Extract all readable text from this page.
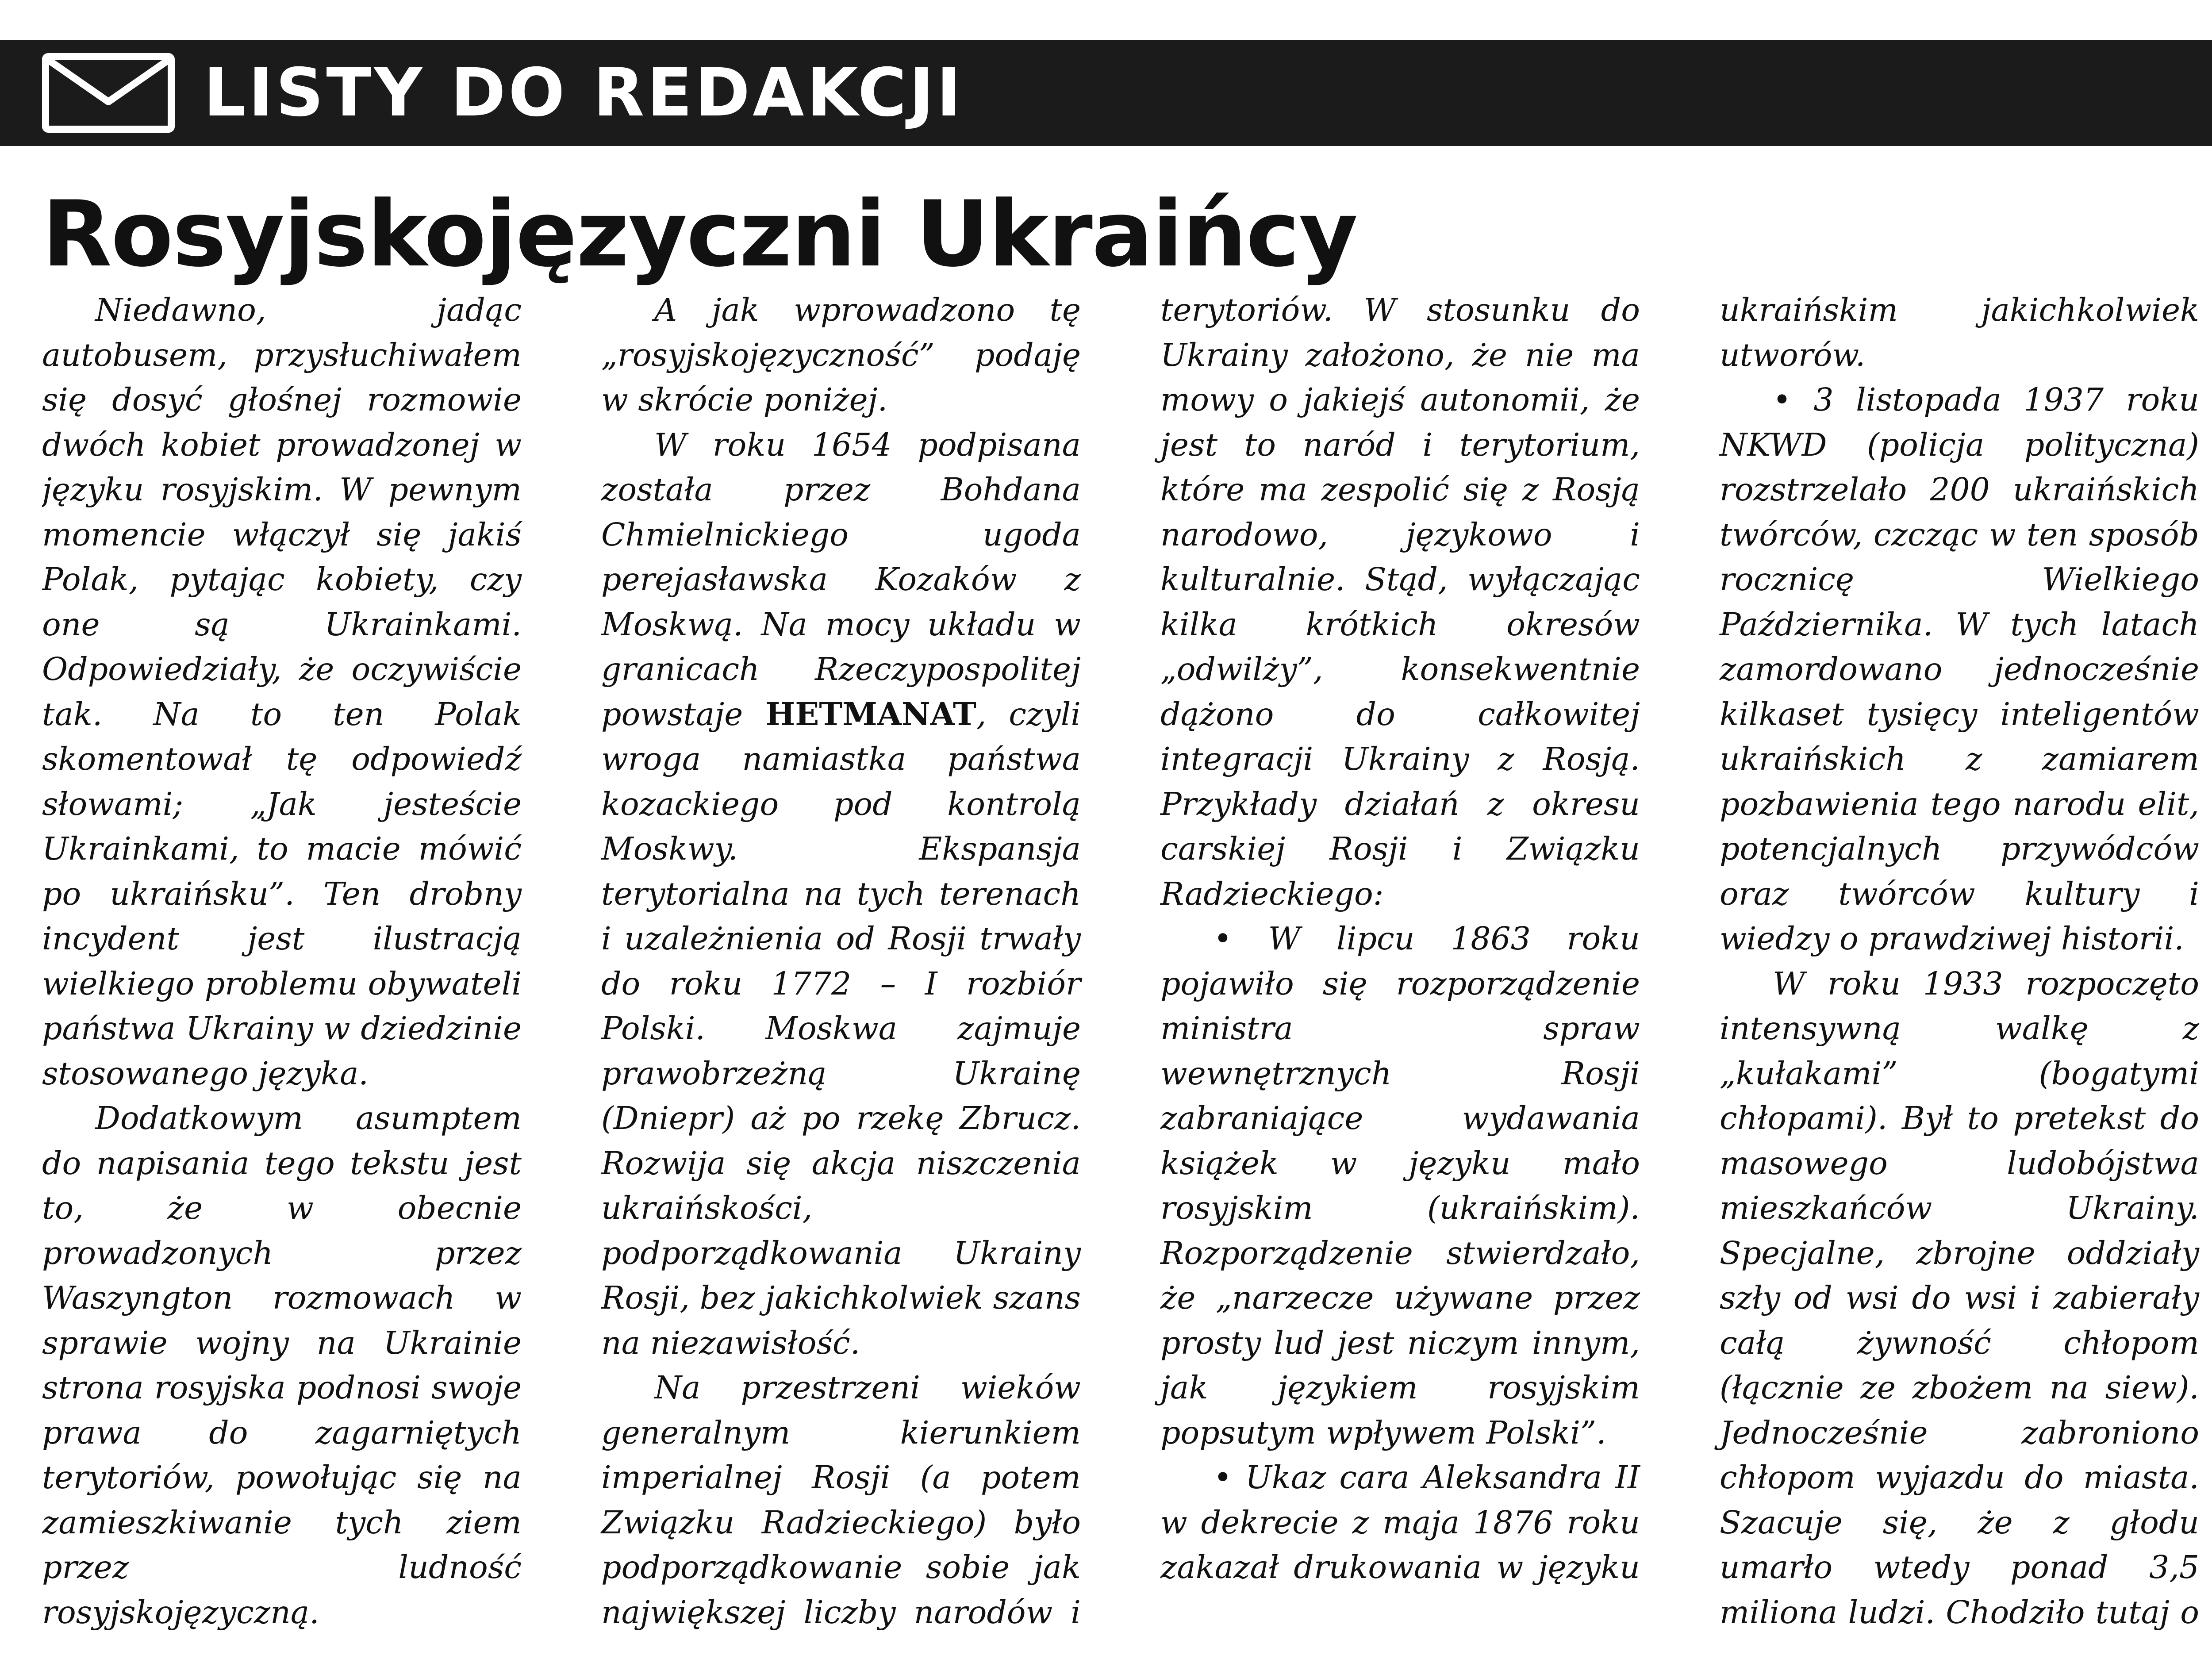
LISTY DO REDAKCJI
Rosyjskojęzyczni Ukraińcy

Niedawno, jadąc autobusem, przysłuchiwałem się dosyć głośnej rozmowie dwóch kobiet prowadzonej w języku rosyjskim. W pewnym momencie włączył się jakiś Polak, pytając kobiety, czy one są Ukrainkami. Odpowiedziały, że oczywiście tak. Na to ten Polak skomentował tę odpowiedź słowami; „Jak jesteście Ukrainkami, to macie mówić po ukraińsku”. Ten drobny incydent jest ilustracją wielkiego problemu obywateli państwa Ukrainy w dziedzinie stosowanego języka.

Dodatkowym asumptem do napisania tego tekstu jest to, że w obecnie prowadzonych przez Waszyngton rozmowach w sprawie wojny na Ukrainie strona rosyjska podnosi swoje prawa do zagarniętych terytoriów, powołując się na zamieszkiwanie tych ziem przez ludność rosyjskojęzyczną.

A jak wprowadzono tę „rosyjskojęzyczność” podaję w skrócie poniżej.

W roku 1654 podpisana została przez Bohdana Chmielnickiego ugoda perejasławska Kozaków z Moskwą. Na mocy układu w granicach Rzeczypospolitej powstaje HETMANAT, czyli wroga namiastka państwa kozackiego pod kontrolą Moskwy. Ekspansja terytorialna na tych terenach i uzależnienia od Rosji trwały do roku 1772 – I rozbiór Polski. Moskwa zajmuje prawobrzeżną Ukrainę (Dniepr) aż po rzekę Zbrucz. Rozwija się akcja niszczenia ukraińskości, podporządkowania Ukrainy Rosji, bez jakichkolwiek szans na niezawisłość.

Na przestrzeni wieków generalnym kierunkiem imperialnej Rosji (a potem Związku Radzieckiego) było podporządkowanie sobie jak największej liczby narodów i terytoriów. W stosunku do Ukrainy założono, że nie ma mowy o jakiejś autonomii, że jest to naród i terytorium, które ma zespolić się z Rosją narodowo, językowo i kulturalnie. Stąd, wyłączając kilka krótkich okresów „odwilży”, konsekwentnie dążono do całkowitej integracji Ukrainy z Rosją. Przykłady działań z okresu carskiej Rosji i Związku Radzieckiego:

• W lipcu 1863 roku pojawiło się rozporządzenie ministra spraw wewnętrznych Rosji zabraniające wydawania książek w języku mało rosyjskim (ukraińskim). Rozporządzenie stwierdzało, że „narzecze używane przez prosty lud jest niczym innym, jak językiem rosyjskim popsutym wpływem Polski”.

• Ukaz cara Aleksandra II w dekrecie z maja 1876 roku zakazał drukowania w języku ukraińskim jakichkolwiek utworów.

• 3 listopada 1937 roku NKWD (policja polityczna) rozstrzelało 200 ukraińskich twórców, czcząc w ten sposób rocznicę Wielkiego Października. W tych latach zamordowano jednocześnie kilkaset tysięcy inteligentów ukraińskich z zamiarem pozbawienia tego narodu elit, potencjalnych przywódców oraz twórców kultury i wiedzy o prawdziwej historii.

W roku 1933 rozpoczęto intensywną walkę z „kułakami” (bogatymi chłopami). Był to pretekst do masowego ludobójstwa mieszkańców Ukrainy. Specjalne, zbrojne oddziały szły od wsi do wsi i zabierały całą żywność chłopom (łącznie ze zbożem na siew). Jednocześnie zabroniono chłopom wyjazdu do miasta. Szacuje się, że z głodu umarło wtedy ponad 3,5 miliona ludzi. Chodziło tutaj o
